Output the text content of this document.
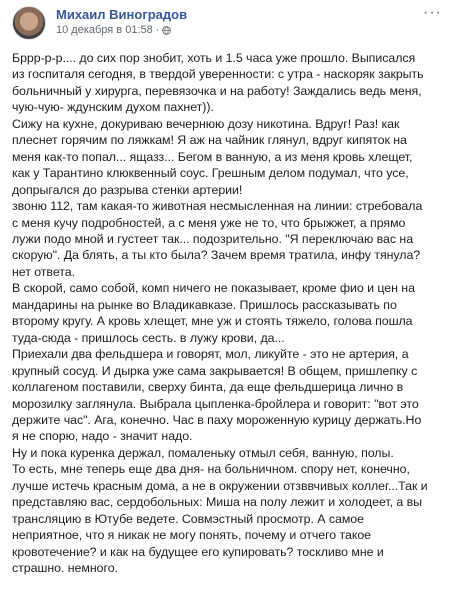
Михаил Виноградов
10 декабря в 01:58 ·
···
Бррр-р-р.... до сих пор знобит, хоть и 1.5 часа уже прошло. Выписался
из госпиталя сегодня, в твердой уверенности: с утра - наскоряк закрыть
больничный у хирурга, перевязочка и на работу! Заждались ведь меня,
чую-чую- ждунским духом пахнет)).
Сижу на кухне, докуриваю вечернюю дозу никотина. Вдруг! Раз! как
плеснет горячим по ляжкам! Я аж на чайник глянул, вдруг кипяток на
меня как-то попал... ящазз... Бегом в ванную, а из меня кровь хлещет,
как у Тарантино клюквенный соус. Грешным делом подумал, что усе,
допрыгался до разрыва стенки артерии!
звоню 112, там какая-то животная несмысленная на линии: стребовала
с меня кучу подробностей, а с меня уже не то, что брыжжет, а прямо
лужи подо мной и густеет так... подозрительно. "Я переключаю вас на
скорую". Да блять, а ты кто была? Зачем время тратила, инфу тянула?
нет ответа.
В скорой, само собой, комп ничего не показывает, кроме фио и цен на
мандарины на рынке во Владикавказе. Пришлось рассказывать по
второму кругу. А кровь хлещет, мне уж и стоять тяжело, голова пошла
туда-сюда - пришлось сесть. в лужу крови, да...
Приехали два фельдшера и говорят, мол, ликуйте - это не артерия, а
крупный сосуд. И дырка уже сама закрывается! В общем, пришлепку с
коллагеном поставили, сверху бинта, да еще фельдшерица лично в
морозилку заглянула. Выбрала цыпленка-бройлера и говорит: "вот это
держите час". Ага, конечно. Час в паху мороженную курицу держать.Но
я не спорю, надо - значит надо.
Ну и пока куренка держал, помаленьку отмыл себя, ванную, полы.
То есть, мне теперь еще два дня- на больничном. спору нет, конечно,
лучше истечь красным дома, а не в окружении отзввчивых коллег...Так и
представляю вас, сердобольных: Миша на полу лежит и холодеет, а вы
трансляцию в Ютубе ведете. Совмэстный просмотр. А самое
неприятное, что я никак не могу понять, почему и отчего такое
кровотечение? и как на будущее его купировать? тоскливо мне и
страшно. немного.
